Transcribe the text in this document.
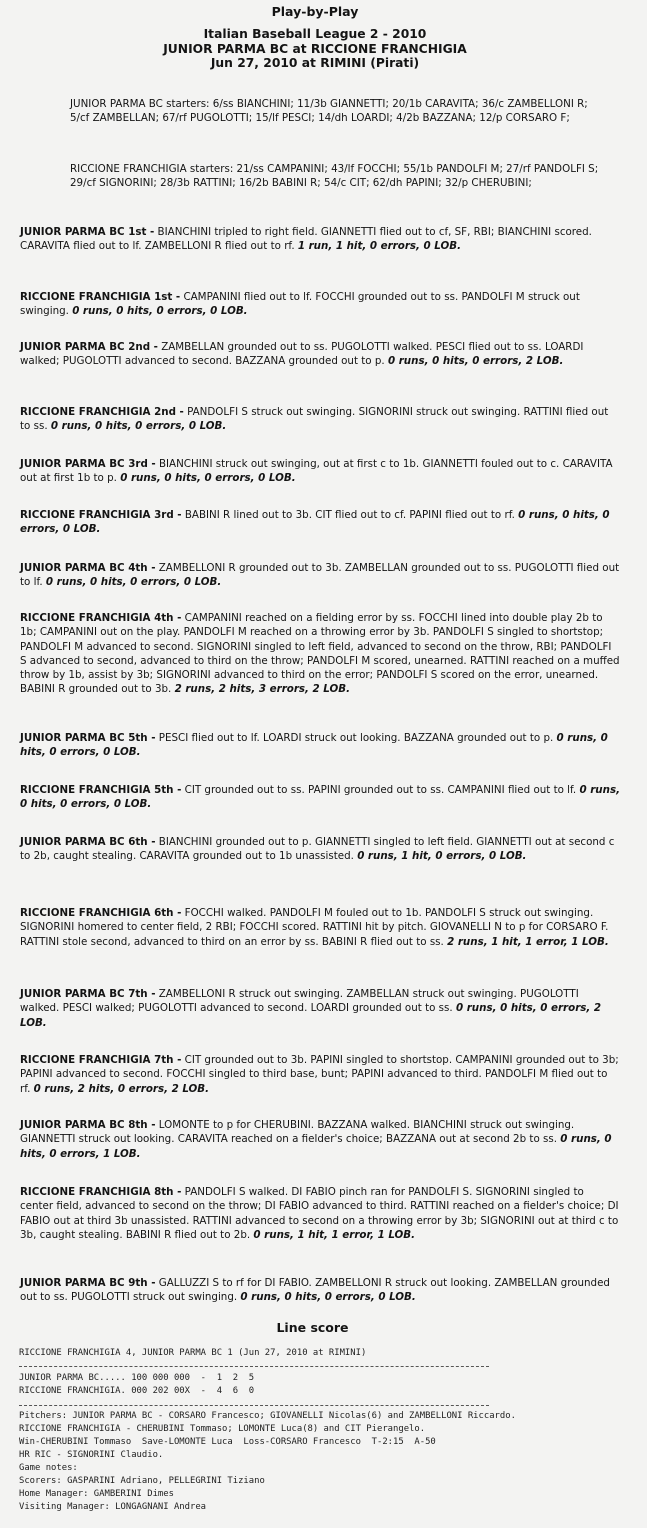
Play-by-Play
Italian Baseball League 2 - 2010
JUNIOR PARMA BC at RICCIONE FRANCHIGIA
Jun 27, 2010 at RIMINI (Pirati)
JUNIOR PARMA BC starters: 6/ss BIANCHINI; 11/3b GIANNETTI; 20/1b CARAVITA; 36/c ZAMBELLONI R; 5/cf ZAMBELLAN; 67/rf PUGOLOTTI; 15/lf PESCI; 14/dh LOARDI; 4/2b BAZZANA; 12/p CORSARO F;
RICCIONE FRANCHIGIA starters: 21/ss CAMPANINI; 43/lf FOCCHI; 55/1b PANDOLFI M; 27/rf PANDOLFI S; 29/cf SIGNORINI; 28/3b RATTINI; 16/2b BABINI R; 54/c CIT; 62/dh PAPINI; 32/p CHERUBINI;
JUNIOR PARMA BC 1st - BIANCHINI tripled to right field. GIANNETTI flied out to cf, SF, RBI; BIANCHINI scored. CARAVITA flied out to lf. ZAMBELLONI R flied out to rf. 1 run, 1 hit, 0 errors, 0 LOB.
RICCIONE FRANCHIGIA 1st - CAMPANINI flied out to lf. FOCCHI grounded out to ss. PANDOLFI M struck out swinging. 0 runs, 0 hits, 0 errors, 0 LOB.
JUNIOR PARMA BC 2nd - ZAMBELLAN grounded out to ss. PUGOLOTTI walked. PESCI flied out to ss. LOARDI walked; PUGOLOTTI advanced to second. BAZZANA grounded out to p. 0 runs, 0 hits, 0 errors, 2 LOB.
RICCIONE FRANCHIGIA 2nd - PANDOLFI S struck out swinging. SIGNORINI struck out swinging. RATTINI flied out to ss. 0 runs, 0 hits, 0 errors, 0 LOB.
JUNIOR PARMA BC 3rd - BIANCHINI struck out swinging, out at first c to 1b. GIANNETTI fouled out to c. CARAVITA out at first 1b to p. 0 runs, 0 hits, 0 errors, 0 LOB.
RICCIONE FRANCHIGIA 3rd - BABINI R lined out to 3b. CIT flied out to cf. PAPINI flied out to rf. 0 runs, 0 hits, 0 errors, 0 LOB.
JUNIOR PARMA BC 4th - ZAMBELLONI R grounded out to 3b. ZAMBELLAN grounded out to ss. PUGOLOTTI flied out to lf. 0 runs, 0 hits, 0 errors, 0 LOB.
RICCIONE FRANCHIGIA 4th - CAMPANINI reached on a fielding error by ss. FOCCHI lined into double play 2b to 1b; CAMPANINI out on the play. PANDOLFI M reached on a throwing error by 3b. PANDOLFI S singled to shortstop; PANDOLFI M advanced to second. SIGNORINI singled to left field, advanced to second on the throw, RBI; PANDOLFI S advanced to second, advanced to third on the throw; PANDOLFI M scored, unearned. RATTINI reached on a muffed throw by 1b, assist by 3b; SIGNORINI advanced to third on the error; PANDOLFI S scored on the error, unearned. BABINI R grounded out to 3b. 2 runs, 2 hits, 3 errors, 2 LOB.
JUNIOR PARMA BC 5th - PESCI flied out to lf. LOARDI struck out looking. BAZZANA grounded out to p. 0 runs, 0 hits, 0 errors, 0 LOB.
RICCIONE FRANCHIGIA 5th - CIT grounded out to ss. PAPINI grounded out to ss. CAMPANINI flied out to lf. 0 runs, 0 hits, 0 errors, 0 LOB.
JUNIOR PARMA BC 6th - BIANCHINI grounded out to p. GIANNETTI singled to left field. GIANNETTI out at second c to 2b, caught stealing. CARAVITA grounded out to 1b unassisted. 0 runs, 1 hit, 0 errors, 0 LOB.
RICCIONE FRANCHIGIA 6th - FOCCHI walked. PANDOLFI M fouled out to 1b. PANDOLFI S struck out swinging. SIGNORINI homered to center field, 2 RBI; FOCCHI scored. RATTINI hit by pitch. GIOVANELLI N to p for CORSARO F. RATTINI stole second, advanced to third on an error by ss. BABINI R flied out to ss. 2 runs, 1 hit, 1 error, 1 LOB.
JUNIOR PARMA BC 7th - ZAMBELLONI R struck out swinging. ZAMBELLAN struck out swinging. PUGOLOTTI walked. PESCI walked; PUGOLOTTI advanced to second. LOARDI grounded out to ss. 0 runs, 0 hits, 0 errors, 2 LOB.
RICCIONE FRANCHIGIA 7th - CIT grounded out to 3b. PAPINI singled to shortstop. CAMPANINI grounded out to 3b; PAPINI advanced to second. FOCCHI singled to third base, bunt; PAPINI advanced to third. PANDOLFI M flied out to rf. 0 runs, 2 hits, 0 errors, 2 LOB.
JUNIOR PARMA BC 8th - LOMONTE to p for CHERUBINI. BAZZANA walked. BIANCHINI struck out swinging. GIANNETTI struck out looking. CARAVITA reached on a fielder's choice; BAZZANA out at second 2b to ss. 0 runs, 0 hits, 0 errors, 1 LOB.
RICCIONE FRANCHIGIA 8th - PANDOLFI S walked. DI FABIO pinch ran for PANDOLFI S. SIGNORINI singled to center field, advanced to second on the throw; DI FABIO advanced to third. RATTINI reached on a fielder's choice; DI FABIO out at third 3b unassisted. RATTINI advanced to second on a throwing error by 3b; SIGNORINI out at third c to 3b, caught stealing. BABINI R flied out to 2b. 0 runs, 1 hit, 1 error, 1 LOB.
JUNIOR PARMA BC 9th - GALLUZZI S to rf for DI FABIO. ZAMBELLONI R struck out looking. ZAMBELLAN grounded out to ss. PUGOLOTTI struck out swinging. 0 runs, 0 hits, 0 errors, 0 LOB.
Line score
RICCIONE FRANCHIGIA 4, JUNIOR PARMA BC 1 (Jun 27, 2010 at RIMINI)
JUNIOR PARMA BC..... 100 000 000  -  1  2  5
RICCIONE FRANCHIGIA. 000 202 00X  -  4  6  0
Pitchers: JUNIOR PARMA BC - CORSARO Francesco; GIOVANELLI Nicolas(6) and ZAMBELLONI Riccardo.
RICCIONE FRANCHIGIA - CHERUBINI Tommaso; LOMONTE Luca(8) and CIT Pierangelo.
Win-CHERUBINI Tommaso  Save-LOMONTE Luca  Loss-CORSARO Francesco  T-2:15  A-50
HR RIC - SIGNORINI Claudio.
Game notes:
Scorers: GASPARINI Adriano, PELLEGRINI Tiziano
Home Manager: GAMBERINI Dimes
Visiting Manager: LONGAGNANI Andrea
